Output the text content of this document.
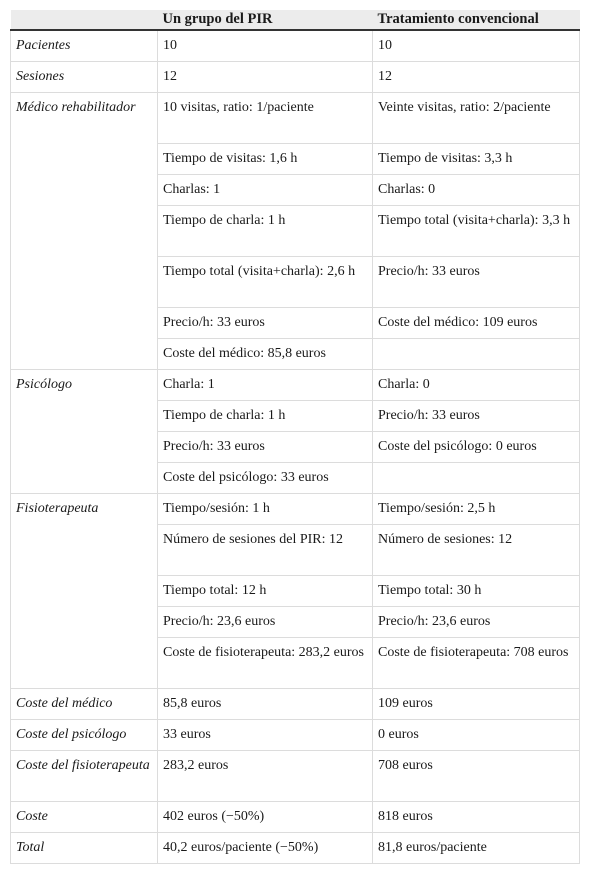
	Un grupo del PIR	Tratamiento convencional
Pacientes	10	10
Sesiones	12	12
Médico rehabilitador	10 visitas, ratio: 1/paciente	Veinte visitas, ratio: 2/paciente
	Tiempo de visitas: 1,6 h	Tiempo de visitas: 3,3 h
	Charlas: 1	Charlas: 0
	Tiempo de charla: 1 h	Tiempo total (visita+charla): 3,3 h
	Tiempo total (visita+charla): 2,6 h	Precio/h: 33 euros
	Precio/h: 33 euros	Coste del médico: 109 euros
	Coste del médico: 85,8 euros	
Psicólogo	Charla: 1	Charla: 0
	Tiempo de charla: 1 h	Precio/h: 33 euros
	Precio/h: 33 euros	Coste del psicólogo: 0 euros
	Coste del psicólogo: 33 euros	
Fisioterapeuta	Tiempo/sesión: 1 h	Tiempo/sesión: 2,5 h
	Número de sesiones del PIR: 12	Número de sesiones: 12
	Tiempo total: 12 h	Tiempo total: 30 h
	Precio/h: 23,6 euros	Precio/h: 23,6 euros
	Coste de fisioterapeuta: 283,2 euros	Coste de fisioterapeuta: 708 euros
Coste del médico	85,8 euros	109 euros
Coste del psicólogo	33 euros	0 euros
Coste del fisioterapeuta	283,2 euros	708 euros
Coste	402 euros (−50%)	818 euros
Total	40,2 euros/paciente (−50%)	81,8 euros/paciente
